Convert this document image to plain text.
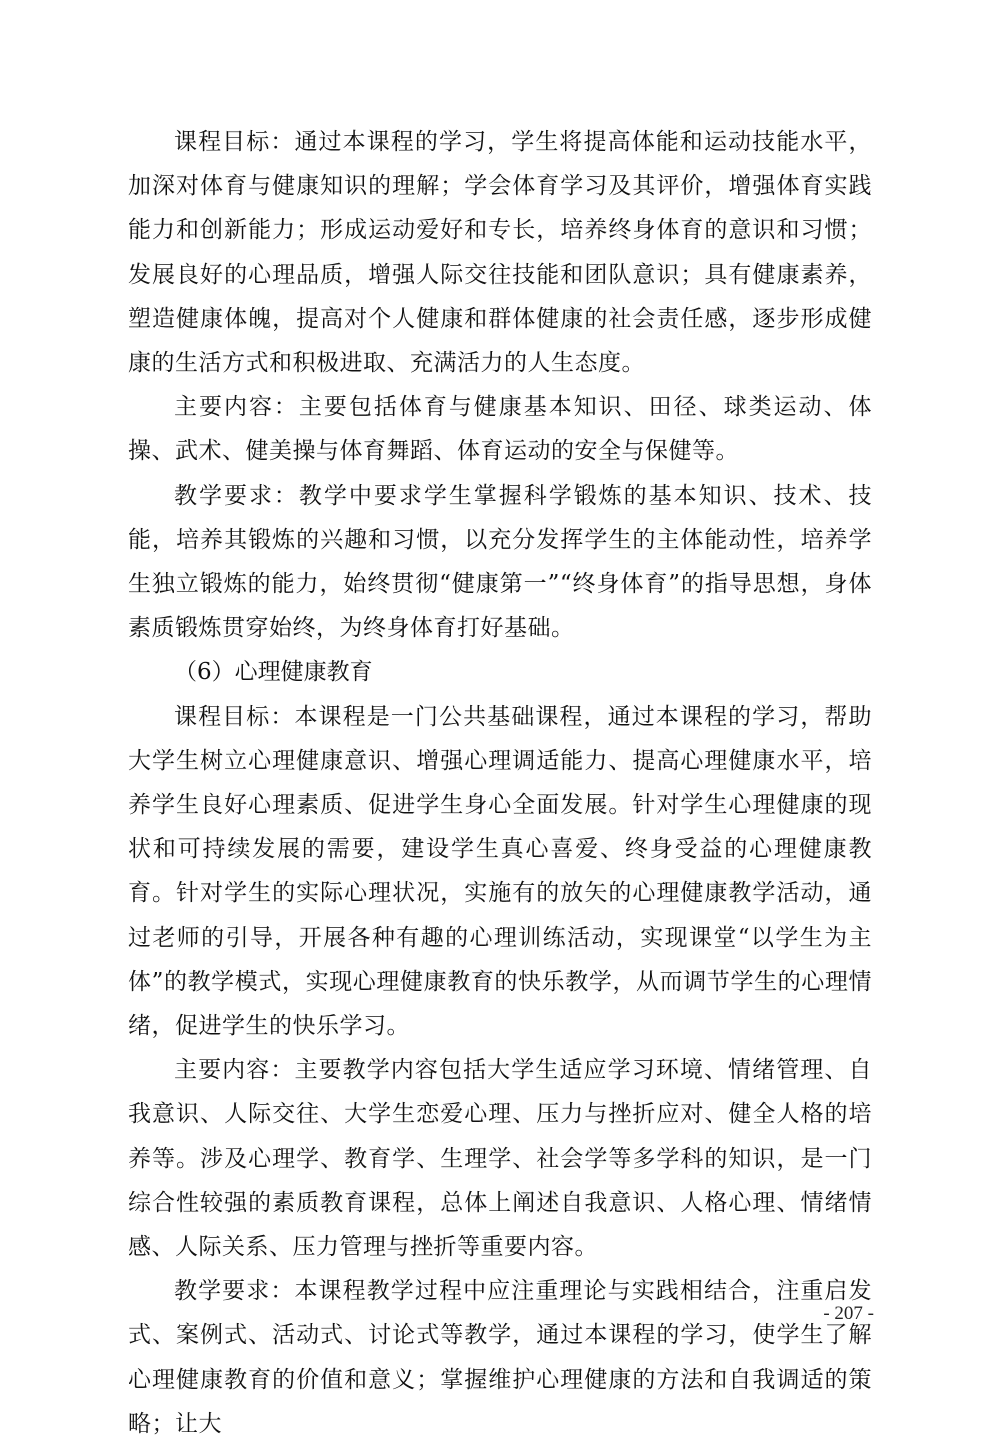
课程目标：通过本课程的学习，学生将提高体能和运动技能水平，加深对体育与健康知识的理解；学会体育学习及其评价，增强体育实践能力和创新能力；形成运动爱好和专长，培养终身体育的意识和习惯；发展良好的心理品质，增强人际交往技能和团队意识；具有健康素养，塑造健康体魄，提高对个人健康和群体健康的社会责任感，逐步形成健康的生活方式和积极进取、充满活力的人生态度。

主要内容：主要包括体育与健康基本知识、田径、球类运动、体操、武术、健美操与体育舞蹈、体育运动的安全与保健等。

教学要求：教学中要求学生掌握科学锻炼的基本知识、技术、技能，培养其锻炼的兴趣和习惯，以充分发挥学生的主体能动性，培养学生独立锻炼的能力，始终贯彻“健康第一”“终身体育”的指导思想，身体素质锻炼贯穿始终，为终身体育打好基础。

（6）心理健康教育

课程目标：本课程是一门公共基础课程，通过本课程的学习，帮助大学生树立心理健康意识、增强心理调适能力、提高心理健康水平，培养学生良好心理素质、促进学生身心全面发展。针对学生心理健康的现状和可持续发展的需要，建设学生真心喜爱、终身受益的心理健康教育。针对学生的实际心理状况，实施有的放矢的心理健康教学活动，通过老师的引导，开展各种有趣的心理训练活动，实现课堂“以学生为主体”的教学模式，实现心理健康教育的快乐教学，从而调节学生的心理情绪，促进学生的快乐学习。

主要内容：主要教学内容包括大学生适应学习环境、情绪管理、自我意识、人际交往、大学生恋爱心理、压力与挫折应对、健全人格的培养等。涉及心理学、教育学、生理学、社会学等多学科的知识，是一门综合性较强的素质教育课程，总体上阐述自我意识、人格心理、情绪情感、人际关系、压力管理与挫折等重要内容。

教学要求：本课程教学过程中应注重理论与实践相结合，注重启发式、案例式、活动式、讨论式等教学，通过本课程的学习，使学生了解心理健康教育的价值和意义；掌握维护心理健康的方法和自我调适的策略；让大

- 207 -
